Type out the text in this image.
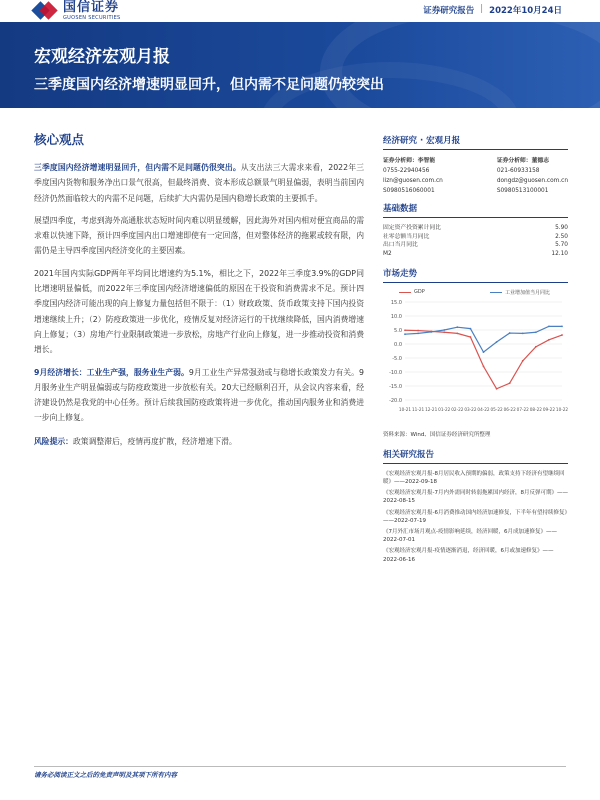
国信证券
GUOSEN SECURITIES
证券研究报告 | 2022年10月24日
宏观经济宏观月报
三季度国内经济增速明显回升，但内需不足问题仍较突出
核心观点

三季度国内经济增速明显回升，但内需不足问题仍很突出。从支出法三大需求来看，2022年三季度国内货物和服务净出口景气很高，但最终消费、资本形成总额景气明显偏弱，表明当前国内经济仍然面临较大的内需不足问题，后续扩大内需仍是国内稳增长政策的主要抓手。

展望四季度，考虑到海外高通胀状态短时间内难以明显缓解，因此海外对国内相对便宜商品的需求难以快速下降，预计四季度国内出口增速即使有一定回落，但对整体经济的拖累或较有限，内需仍是主导四季度国内经济变化的主要因素。

2021年国内实际GDP两年平均同比增速约为5.1%，相比之下，2022年三季度3.9%的GDP同比增速明显偏低，而2022年三季度国内经济增速偏低的原因在于投资和消费需求不足。预计四季度国内经济可能出现的向上修复力量包括但不限于：（1）财政政策、货币政策支持下国内投资增速继续上升；（2）防疫政策进一步优化，疫情反复对经济运行的干扰继续降低，国内消费增速向上修复；（3）房地产行业限制政策进一步放松，房地产行业向上修复，进一步推动投资和消费增长。

9月经济增长：工业生产强，服务业生产弱。9月工业生产异常强劲或与稳增长政策发力有关。9月服务业生产明显偏弱或与防疫政策进一步放松有关。20大已经顺利召开，从会议内容来看，经济建设仍然是我党的中心任务。预计后续我国防疫政策将进一步优化，推动国内服务业和消费进一步向上修复。

风险提示：政策调整滞后，疫情再度扩散，经济增速下滑。

经济研究 · 宏观月报
证券分析师：李智能
0755-22940456
lizn@guosen.com.cn
S0980516060001
证券分析师：董德志
021-60933158
dongdz@guosen.com.cn
S0980513100001
基础数据
固定资产投资累计同比	5.90
社零总额当月同比	2.50
出口当月同比	5.70
M2	12.10
市场走势
GDP	工业增加值当月同比
15.0
10.0
5.0
0.0
-5.0
-10.0
-15.0
-20.0
10-21 11-21 12-21 01-22 02-22 03-22 04-22 05-22 06-22 07-22 08-22 09-22 10-22
资料来源：Wind、国信证券经济研究所整理
相关研究报告
《宏观经济宏观月报-8月居民收入预期的偏弱，政策支持下经济有望继续回暖》——2022-09-18
《宏观经济宏观月报-7月内外需同时转弱拖累国内经济，8月反弹可期》——2022-08-15
《宏观经济宏观月报-6月消费推动国内经济加速修复，下半年有望持续修复》——2022-07-19
《7月外汇市场月观点-疫情影响延续，经济回暖，6月成加速修复》——2022-07-01
《宏观经济宏观月报-疫情逐渐消退，经济回暖，6月或加速修复》——2022-06-16
请务必阅读正文之后的免责声明及其项下所有内容
